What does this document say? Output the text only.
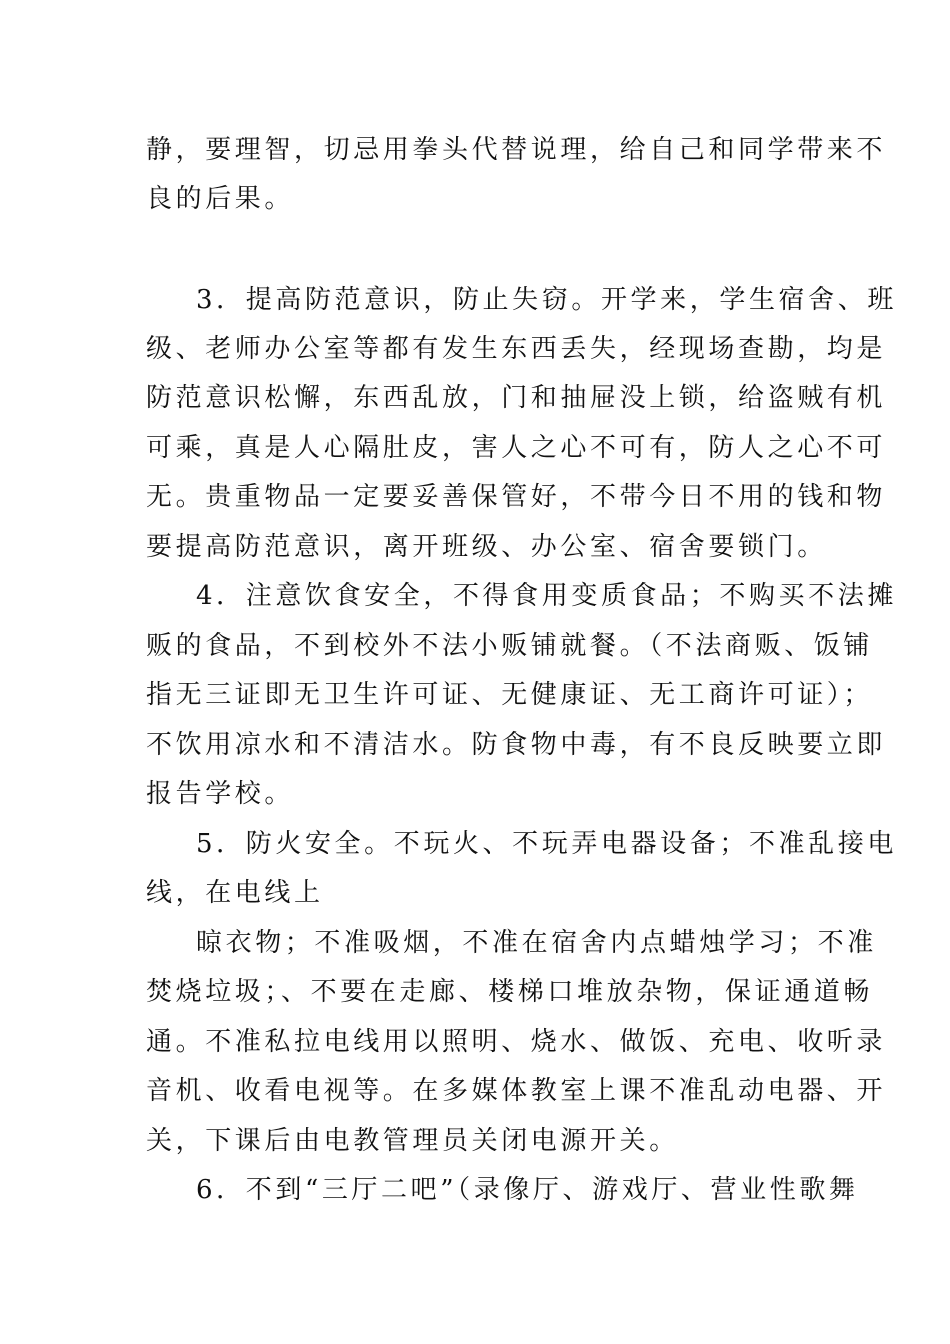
静，要理智，切忌用拳头代替说理，给自己和同学带来不
良的后果。
3．提高防范意识，防止失窃。开学来，学生宿舍、班
级、老师办公室等都有发生东西丢失，经现场查勘，均是
防范意识松懈，东西乱放，门和抽屉没上锁，给盗贼有机
可乘，真是人心隔肚皮，害人之心不可有，防人之心不可
无。贵重物品一定要妥善保管好，不带今日不用的钱和物
要提高防范意识，离开班级、办公室、宿舍要锁门。
4．注意饮食安全，不得食用变质食品；不购买不法摊
贩的食品，不到校外不法小贩铺就餐。（不法商贩、饭铺
指无三证即无卫生许可证、无健康证、无工商许可证）；
不饮用凉水和不清洁水。防食物中毒，有不良反映要立即
报告学校。
5．防火安全。不玩火、不玩弄电器设备；不准乱接电
线，在电线上
晾衣物；不准吸烟，不准在宿舍内点蜡烛学习；不准
焚烧垃圾；、不要在走廊、楼梯口堆放杂物，保证通道畅
通。不准私拉电线用以照明、烧水、做饭、充电、收听录
音机、收看电视等。在多媒体教室上课不准乱动电器、开
关，下课后由电教管理员关闭电源开关。
6．不到“三厅二吧”（录像厅、游戏厅、营业性歌舞
